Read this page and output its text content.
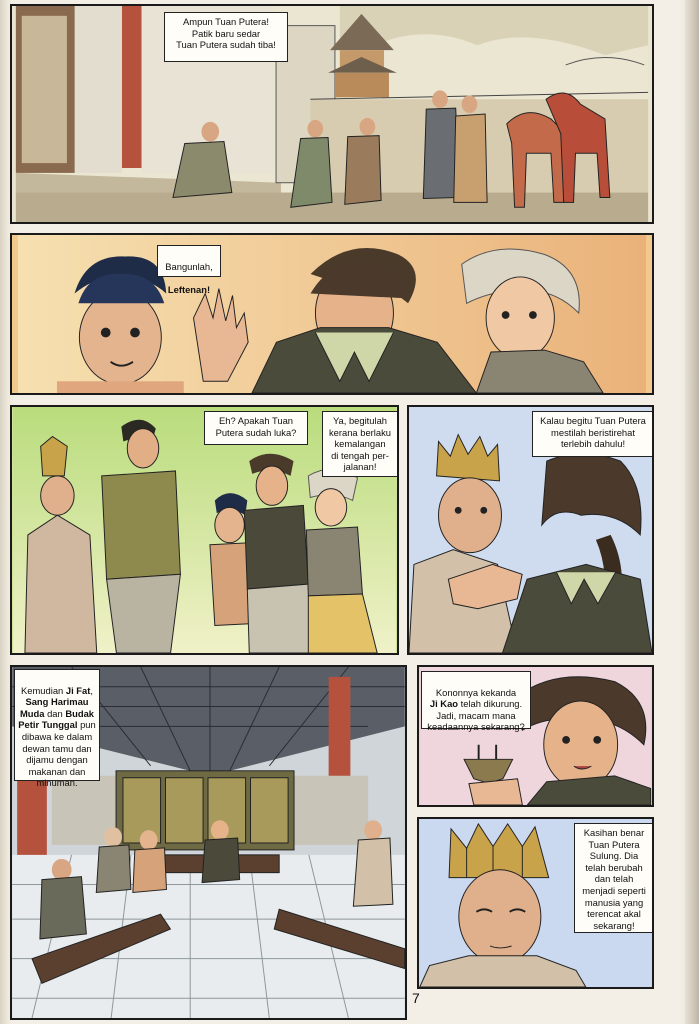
Ampun Tuan Putera!
Patik baru sedar
Tuan Putera sudah tiba!

Bangunlah,

Leftenan!

Eh? Apakah Tuan
Putera sudah luka?
Ya, begitulah
kerana berlaku
kemalangan
di tengah per-
jalanan!
Kalau begitu Tuan Putera
mestilah beristirehat
terlebih dahulu!

Kemudian Ji Fat, Sang Harimau Muda dan Budak Petir Tunggal pun dibawa ke dalam dewan tamu dan dijamu dengan makanan dan minuman.

Kononnya kekanda
Ji Kao telah dikurung.
Jadi, macam mana
keadaannya sekarang?

Kasihan benar
Tuan Putera
Sulung. Dia
telah berubah
dan telah
menjadi seperti
manusia yang
terencat akal
sekarang!
7
